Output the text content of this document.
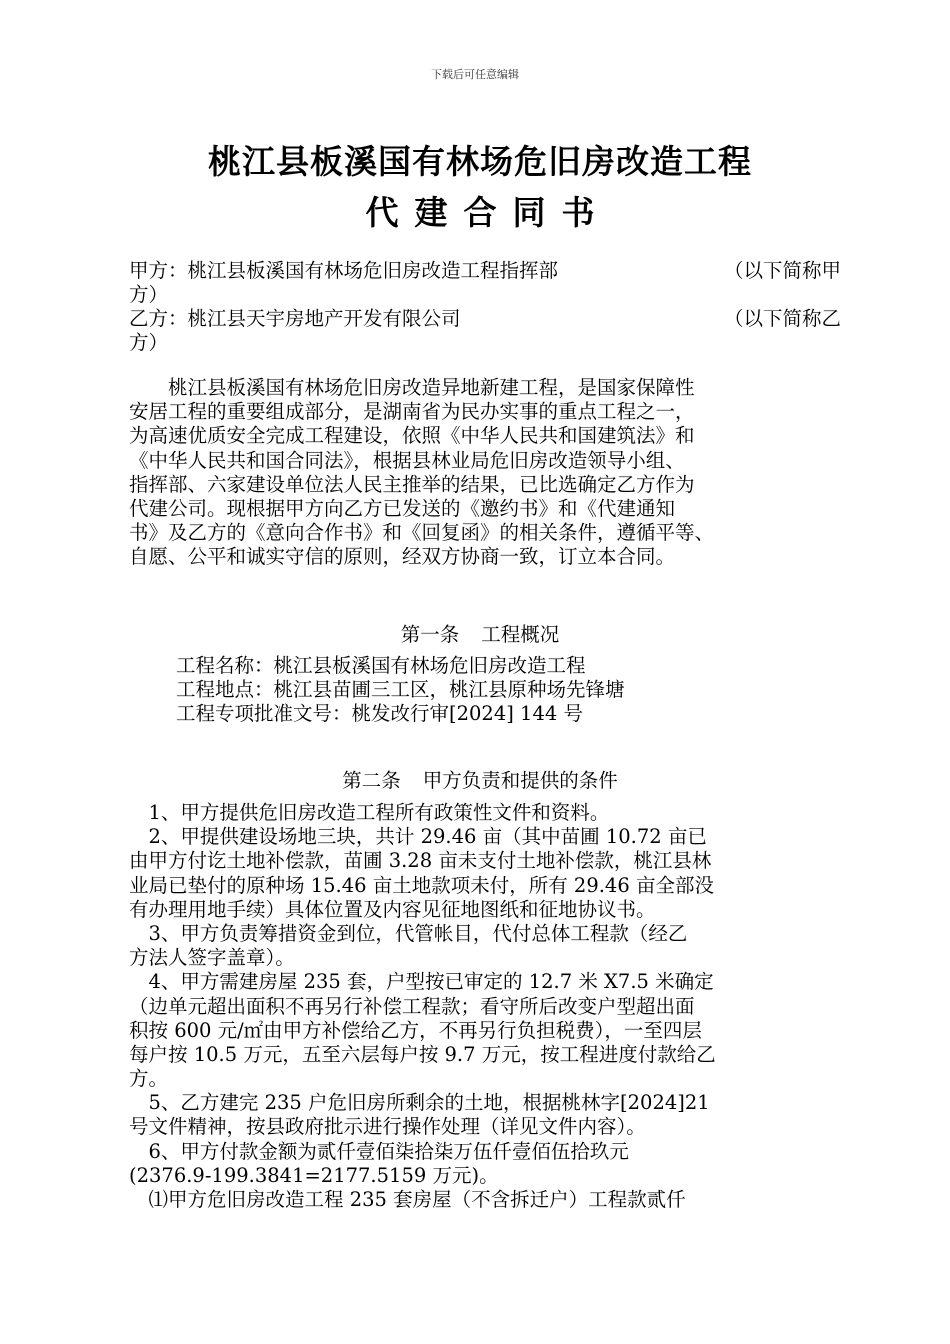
下载后可任意编辑
桃江县板溪国有林场危旧房改造工程
代建合同书
甲方：桃江县板溪国有林场危旧房改造工程指挥部	（以下简称甲
方）
乙方：桃江县天宇房地产开发有限公司	（以下简称乙
方）
　　桃江县板溪国有林场危旧房改造异地新建工程，是国家保障性
安居工程的重要组成部分，是湖南省为民办实事的重点工程之一，
为高速优质安全完成工程建设，依照《中华人民共和国建筑法》和
《中华人民共和国合同法》，根据县林业局危旧房改造领导小组、
指挥部、六家建设单位法人民主推举的结果，已比选确定乙方作为
代建公司。现根据甲方向乙方已发送的《邀约书》和《代建通知
书》及乙方的《意向合作书》和《回复函》的相关条件，遵循平等、
自愿、公平和诚实守信的原则，经双方协商一致，订立本合同。
第一条 工程概况
工程名称：桃江县板溪国有林场危旧房改造工程
工程地点：桃江县苗圃三工区，桃江县原种场先锋塘
工程专项批准文号：桃发改行审[2024] 144 号
第二条 甲方负责和提供的条件
　1、甲方提供危旧房改造工程所有政策性文件和资料。
　2、甲提供建设场地三块，共计 29.46 亩（其中苗圃 10.72 亩已
由甲方付讫土地补偿款，苗圃 3.28 亩未支付土地补偿款，桃江县林
业局已垫付的原种场 15.46 亩土地款项未付，所有 29.46 亩全部没
有办理用地手续）具体位置及内容见征地图纸和征地协议书。
　3、甲方负责筹措资金到位，代管帐目，代付总体工程款（经乙
方法人签字盖章）。
　4、甲方需建房屋 235 套，户型按已审定的 12.7 米 X7.5 米确定
（边单元超出面积不再另行补偿工程款；看守所后改变户型超出面
积按 600 元/㎡由甲方补偿给乙方，不再另行负担税费），一至四层
每户按 10.5 万元，五至六层每户按 9.7 万元，按工程进度付款给乙
方。
　5、乙方建完 235 户危旧房所剩余的土地，根据桃林字[2024]21
号文件精神，按县政府批示进行操作处理（详见文件内容）。
　6、甲方付款金额为贰仟壹佰柒拾柒万伍仟壹佰伍拾玖元
(2376.9-199.3841=2177.5159 万元)。
　⑴甲方危旧房改造工程 235 套房屋（不含拆迁户）工程款贰仟
